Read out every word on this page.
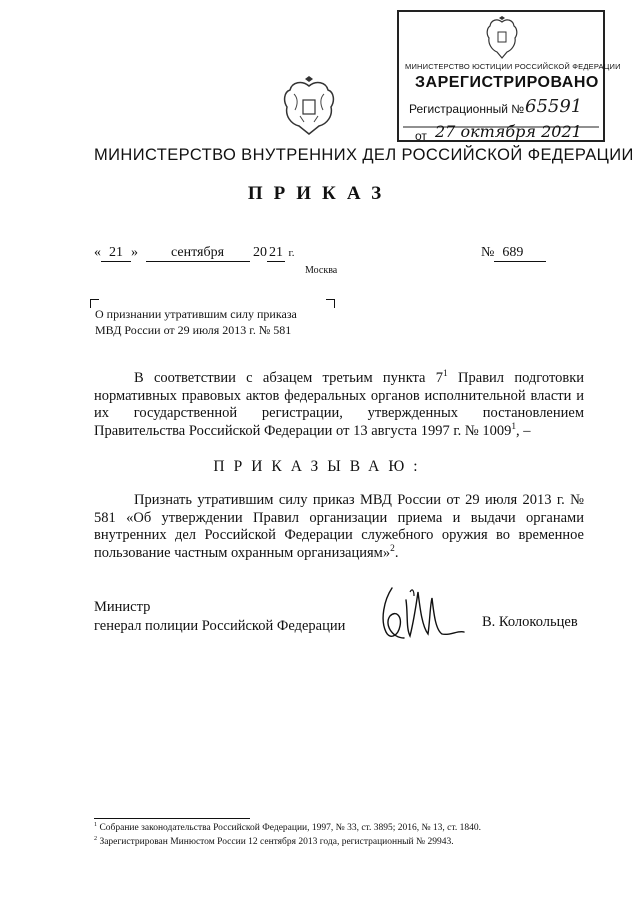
МИНИСТЕРСТВО ЮСТИЦИИ РОССИЙСКОЙ ФЕДЕРАЦИИ
ЗАРЕГИСТРИРОВАНО
Регистрационный № 65591
от 27 октября 2021
МИНИСТЕРСТВО ВНУТРЕННИХ ДЕЛ РОССИЙСКОЙ ФЕДЕРАЦИИ
ПРИКАЗ
« 21 » сентября 20 21 г.	№ 689
Москва
О признании утратившим силу приказа
МВД России от 29 июля 2013 г. № 581
В соответствии с абзацем третьим пункта $7^1$ Правил подготовки нормативных правовых актов федеральных органов исполнительной власти и их государственной регистрации, утвержденных постановлением Правительства Российской Федерации от 13 августа 1997 г. № 1009$^1$, –
ПРИКАЗЫВАЮ:
Признать утратившим силу приказ МВД России от 29 июля 2013 г. № 581 «Об утверждении Правил организации приема и выдачи органами внутренних дел Российской Федерации служебного оружия во временное пользование частным охранным организациям»$^2$.
Министр
генерал полиции Российской Федерации	В. Колокольцев
$^1$ Собрание законодательства Российской Федерации, 1997, № 33, ст. 3895; 2016, № 13, ст. 1840.
$^2$ Зарегистрирован Минюстом России 12 сентября 2013 года, регистрационный № 29943.
